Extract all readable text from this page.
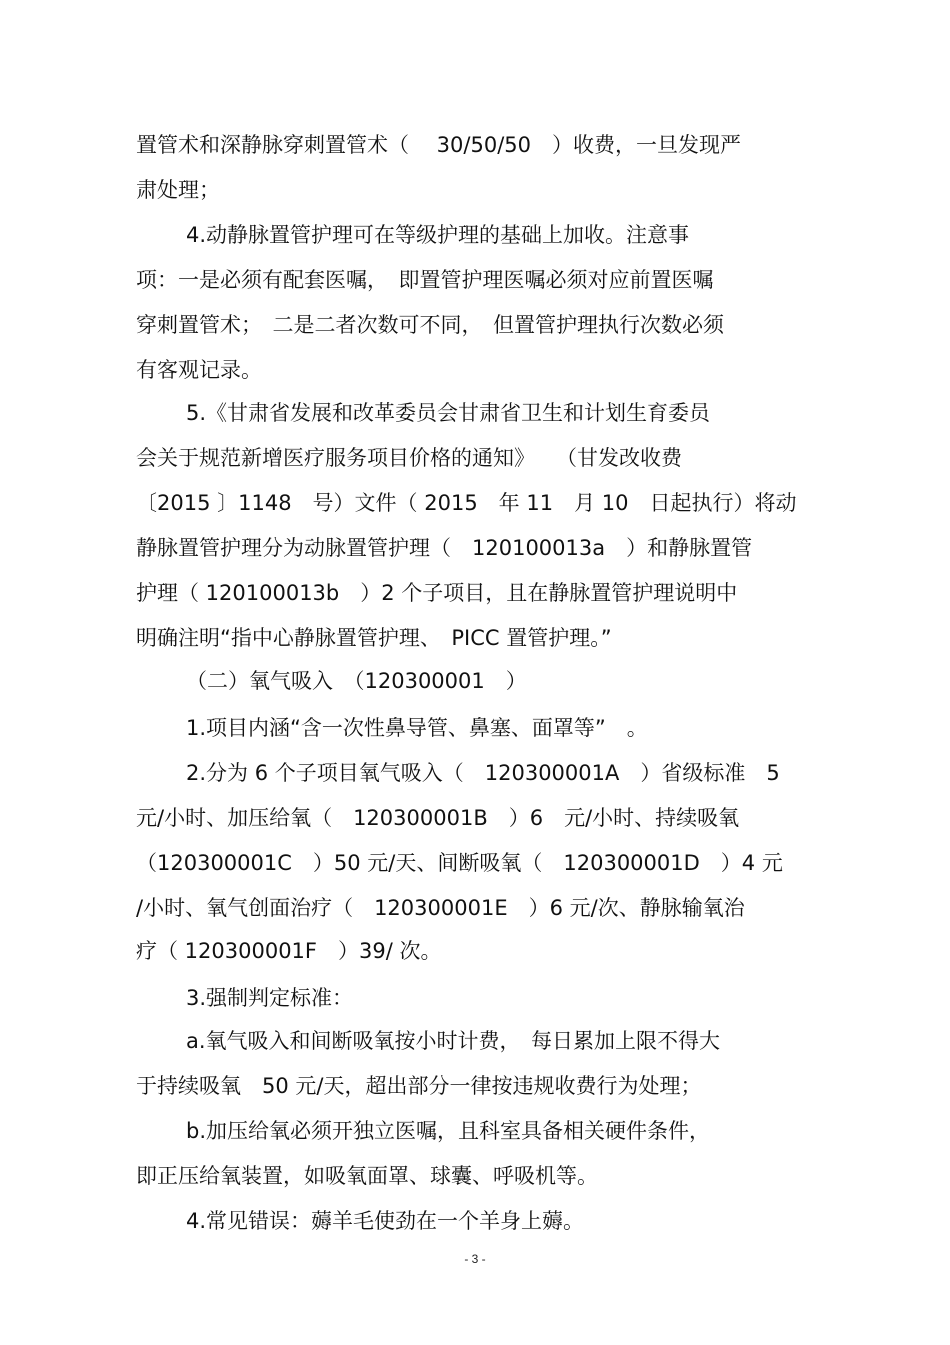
置管术和深静脉穿刺置管术（　 30/50/50　）收费，一旦发现严
肃处理；
4.动静脉置管护理可在等级护理的基础上加收。注意事
项：一是必须有配套医嘱，　即置管护理医嘱必须对应前置医嘱
穿刺置管术；　二是二者次数可不同，　但置管护理执行次数必须
有客观记录。
5.《甘肃省发展和改革委员会甘肃省卫生和计划生育委员
会关于规范新增医疗服务项目价格的通知》　　（甘发改收费
〔2015 〕1148　号）文件（ 2015　年 11　月 10　日起执行）将动
静脉置管护理分为动脉置管护理（　120100013a　）和静脉置管
护理（ 120100013b　）2 个子项目，且在静脉置管护理说明中
明确注明“指中心静脉置管护理、　PICC 置管护理。”
（二）氧气吸入　（120300001　）
1.项目内涵“含一次性鼻导管、鼻塞、面罩等”　。
2.分为 6 个子项目氧气吸入（　120300001A　）省级标准　5
元/小时、加压给氧（　120300001B　）6　元/小时、持续吸氧
（120300001C　）50 元/天、间断吸氧（　120300001D　）4 元
/小时、氧气创面治疗（　120300001E　）6 元/次、静脉输氧治
疗（ 120300001F　）39/ 次。
3.强制判定标准：
a.氧气吸入和间断吸氧按小时计费，　每日累加上限不得大
于持续吸氧　50 元/天，超出部分一律按违规收费行为处理；
b.加压给氧必须开独立医嘱，且科室具备相关硬件条件，
即正压给氧装置，如吸氧面罩、球囊、呼吸机等。
4.常见错误：薅羊毛使劲在一个羊身上薅。
- 3 -
